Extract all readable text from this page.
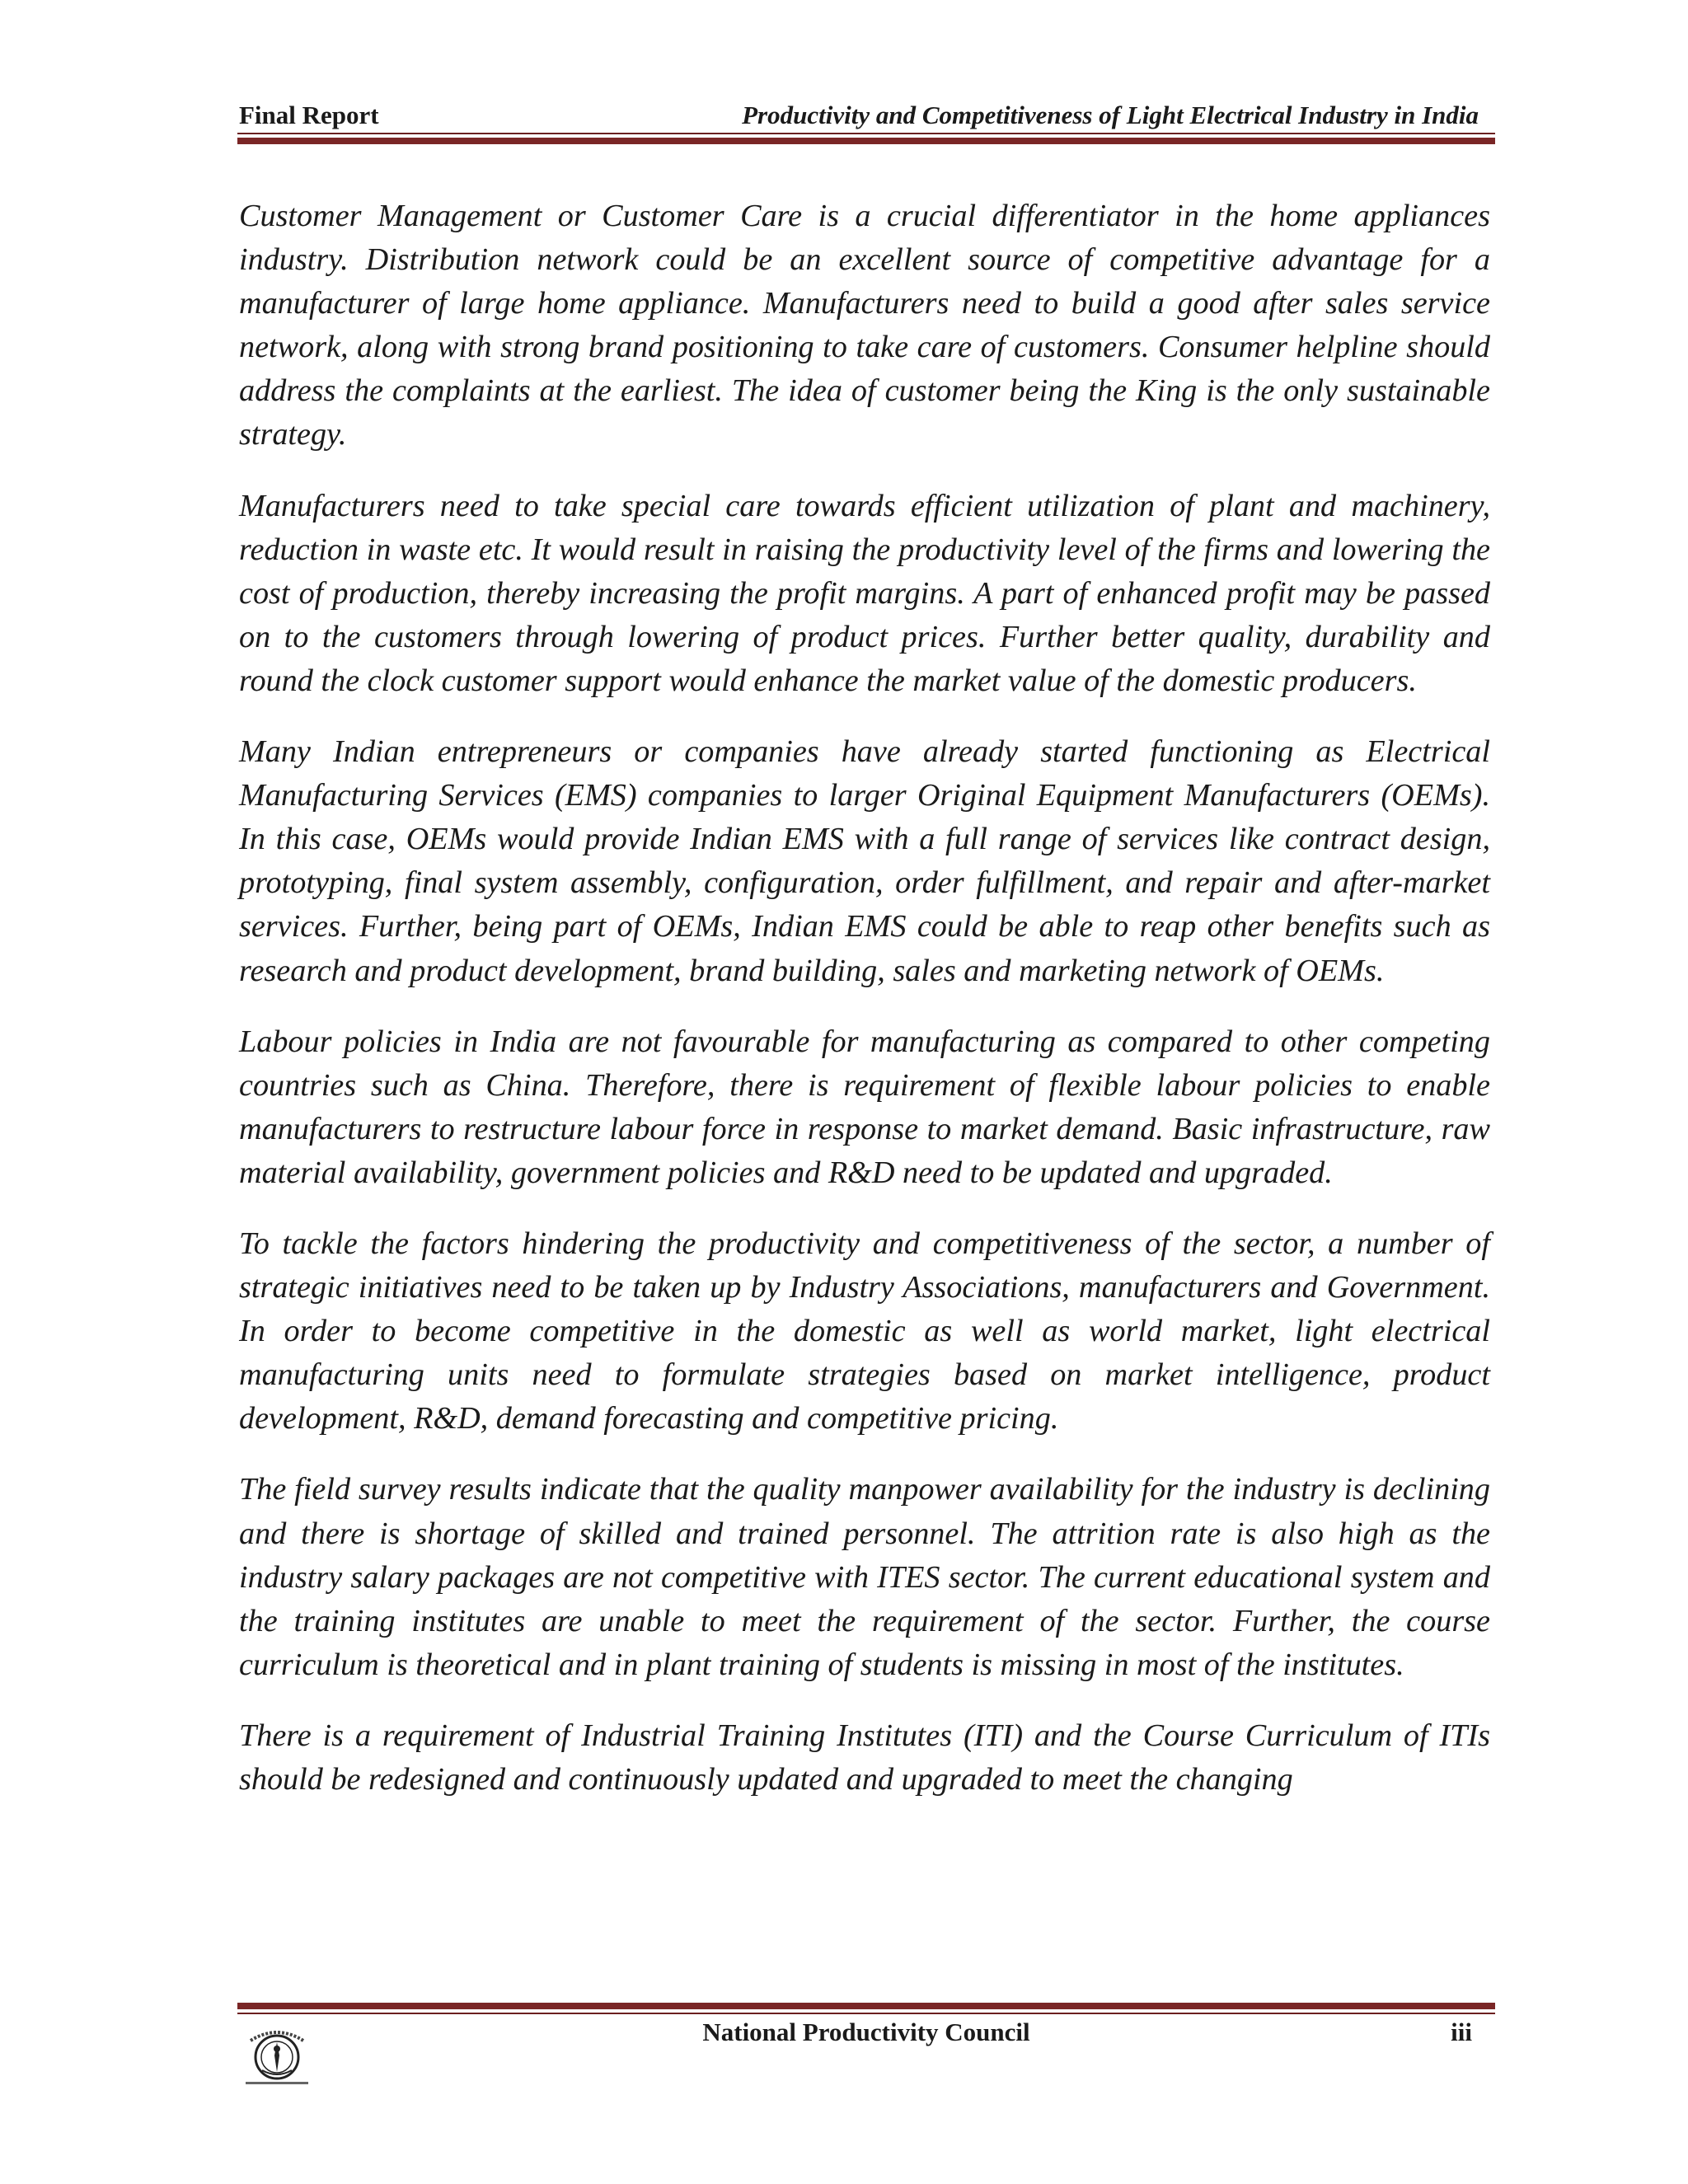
Final Report	Productivity and Competitiveness of Light Electrical Industry in India

Customer Management or Customer Care is a crucial differentiator in the home appliances industry. Distribution network could be an excellent source of competitive advantage for a manufacturer of large home appliance. Manufacturers need to build a good after sales service network, along with strong brand positioning to take care of customers. Consumer helpline should address the complaints at the earliest. The idea of customer being the King is the only sustainable strategy.

Manufacturers need to take special care towards efficient utilization of plant and machinery, reduction in waste etc. It would result in raising the productivity level of the firms and lowering the cost of production, thereby increasing the profit margins. A part of enhanced profit may be passed on to the customers through lowering of product prices. Further better quality, durability and round the clock customer support would enhance the market value of the domestic producers.

Many Indian entrepreneurs or companies have already started functioning as Electrical Manufacturing Services (EMS) companies to larger Original Equipment Manufacturers (OEMs). In this case, OEMs would provide Indian EMS with a full range of services like contract design, prototyping, final system assembly, configuration, order fulfillment, and repair and after-market services. Further, being part of OEMs, Indian EMS could be able to reap other benefits such as research and product development, brand building, sales and marketing network of OEMs.

Labour policies in India are not favourable for manufacturing as compared to other competing countries such as China. Therefore, there is requirement of flexible labour policies to enable manufacturers to restructure labour force in response to market demand. Basic infrastructure, raw material availability, government policies and R&D need to be updated and upgraded.

To tackle the factors hindering the productivity and competitiveness of the sector, a number of strategic initiatives need to be taken up by Industry Associations, manufacturers and Government. In order to become competitive in the domestic as well as world market, light electrical manufacturing units need to formulate strategies based on market intelligence, product development, R&D, demand forecasting and competitive pricing.

The field survey results indicate that the quality manpower availability for the industry is declining and there is shortage of skilled and trained personnel. The attrition rate is also high as the industry salary packages are not competitive with ITES sector. The current educational system and the training institutes are unable to meet the requirement of the sector. Further, the course curriculum is theoretical and in plant training of students is missing in most of the institutes.

There is a requirement of Industrial Training Institutes (ITI) and the Course Curriculum of ITIs should be redesigned and continuously updated and upgraded to meet the changing

National Productivity Council	iii
